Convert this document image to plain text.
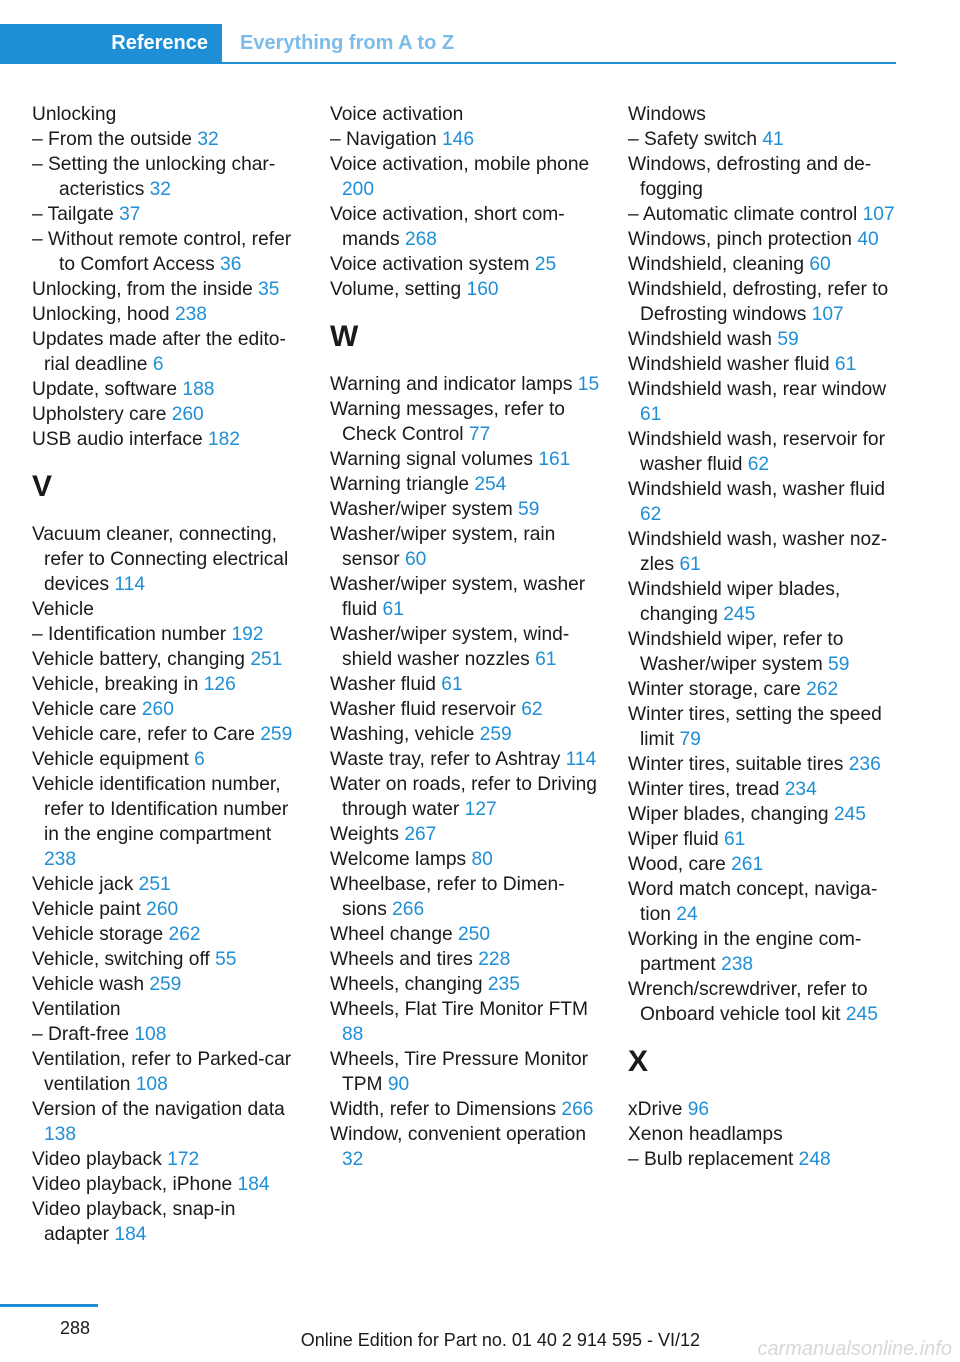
Reference	Everything from A to Z
Unlocking
– From the outside 32
– Setting the unlocking characteristics 32
– Tailgate 37
– Without remote control, refer to Comfort Access 36
Unlocking, from the inside 35
Unlocking, hood 238
Updates made after the editorial deadline 6
Update, software 188
Upholstery care 260
USB audio interface 182
V
Vacuum cleaner, connecting, refer to Connecting electrical devices 114
Vehicle
– Identification number 192
Vehicle battery, changing 251
Vehicle, breaking in 126
Vehicle care 260
Vehicle care, refer to Care 259
Vehicle equipment 6
Vehicle identification number, refer to Identification number in the engine compartment 238
Vehicle jack 251
Vehicle paint 260
Vehicle storage 262
Vehicle, switching off 55
Vehicle wash 259
Ventilation
– Draft-free 108
Ventilation, refer to Parked-car ventilation 108
Version of the navigation data 138
Video playback 172
Video playback, iPhone 184
Video playback, snap-in adapter 184
Voice activation
– Navigation 146
Voice activation, mobile phone 200
Voice activation, short commands 268
Voice activation system 25
Volume, setting 160
W
Warning and indicator lamps 15
Warning messages, refer to Check Control 77
Warning signal volumes 161
Warning triangle 254
Washer/wiper system 59
Washer/wiper system, rain sensor 60
Washer/wiper system, washer fluid 61
Washer/wiper system, windshield washer nozzles 61
Washer fluid 61
Washer fluid reservoir 62
Washing, vehicle 259
Waste tray, refer to Ashtray 114
Water on roads, refer to Driving through water 127
Weights 267
Welcome lamps 80
Wheelbase, refer to Dimensions 266
Wheel change 250
Wheels and tires 228
Wheels, changing 235
Wheels, Flat Tire Monitor FTM 88
Wheels, Tire Pressure Monitor TPM 90
Width, refer to Dimensions 266
Window, convenient operation 32
Windows
– Safety switch 41
Windows, defrosting and defogging
– Automatic climate control 107
Windows, pinch protection 40
Windshield, cleaning 60
Windshield, defrosting, refer to Defrosting windows 107
Windshield wash 59
Windshield washer fluid 61
Windshield wash, rear window 61
Windshield wash, reservoir for washer fluid 62
Windshield wash, washer fluid 62
Windshield wash, washer nozzles 61
Windshield wiper blades, changing 245
Windshield wiper, refer to Washer/wiper system 59
Winter storage, care 262
Winter tires, setting the speed limit 79
Winter tires, suitable tires 236
Winter tires, tread 234
Wiper blades, changing 245
Wiper fluid 61
Wood, care 261
Word match concept, navigation 24
Working in the engine compartment 238
Wrench/screwdriver, refer to Onboard vehicle tool kit 245
X
xDrive 96
Xenon headlamps
– Bulb replacement 248
288
Online Edition for Part no. 01 40 2 914 595 - VI/12	carmanualsonline.info
